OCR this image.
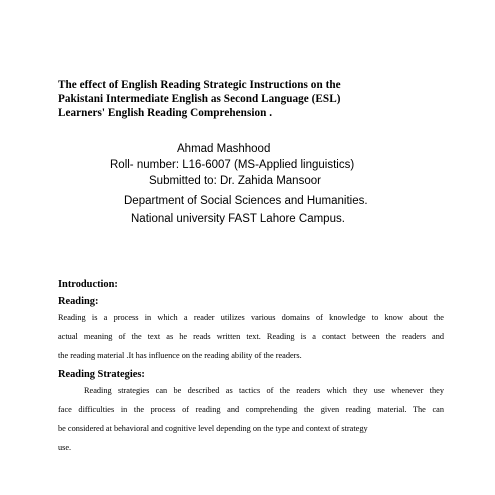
The effect of English Reading Strategic Instructions on the
Pakistani Intermediate English as Second Language (ESL)
Learners' English Reading Comprehension .
Ahmad Mashhood
Roll- number: L16-6007 (MS-Applied linguistics)
Submitted to: Dr. Zahida Mansoor
Department of Social Sciences and Humanities.
National university FAST Lahore Campus.
Introduction:
Reading:
Reading is a process in which a reader utilizes various domains of knowledge to know about the
actual meaning of the text as he reads written text. Reading is a contact between the readers and
the reading material .It has influence on the reading ability of the readers.
Reading Strategies:
Reading strategies can be described as tactics of the readers which they use whenever they
face difficulties in the process of reading and comprehending the given reading material. The can
be considered at behavioral and cognitive level depending on the type and context of strategy
use.
